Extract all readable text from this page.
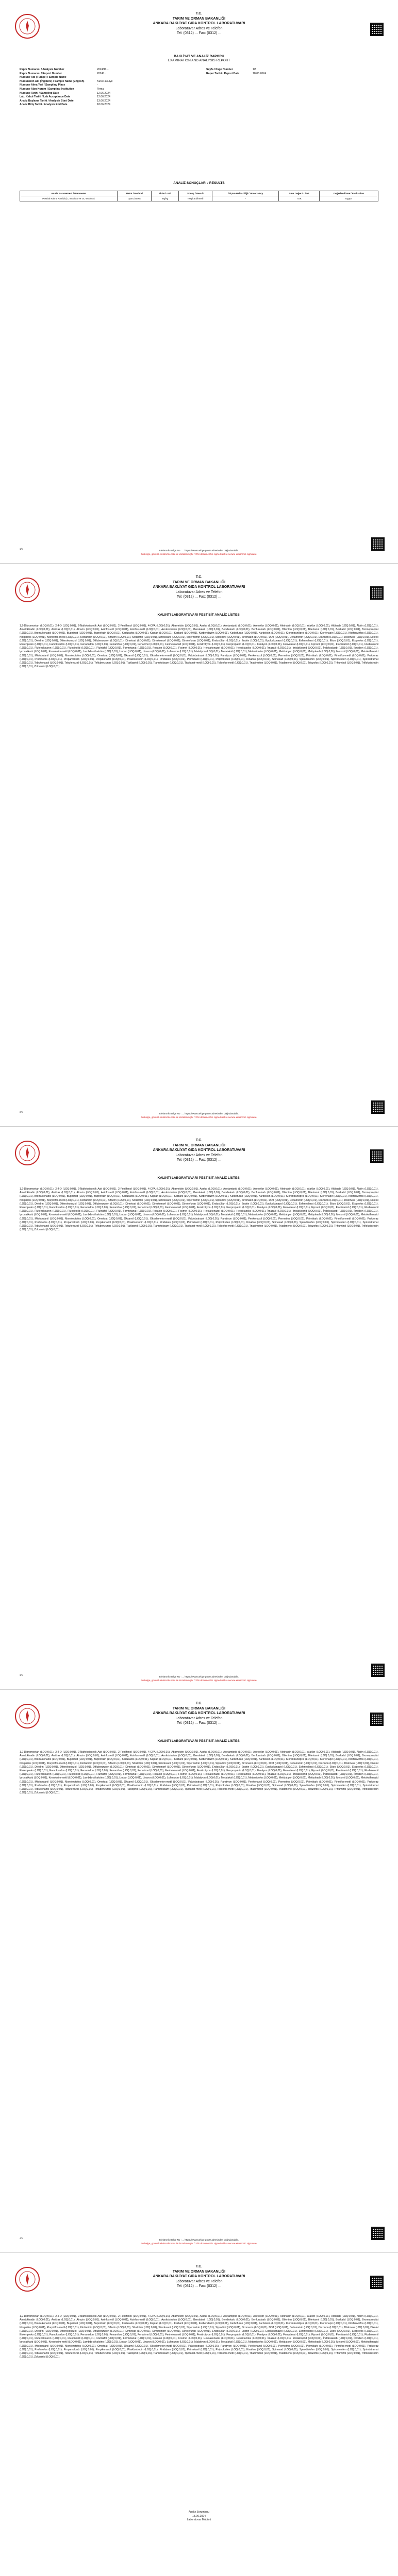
T.C.
TARIM VE ORMAN BAKANLIĞI
ANKARA BAKLİYAT GIDA KONTROL LABORATUVARI
Laboratuvar Adres ve Telefon
Tel: (0312) ... Fax: (0312) ...
BAKLİYAT VE ANALİZ RAPORU
EXAMINATION AND ANALYSIS REPORT
Rapor Numarası / Analysis Number	2024/11...
Rapor Numarası / Report Number	2024/...
Numune Adı (Türkçe) / Sample Name
Numunenin Adı (İngilizce) / Sample Name (English)	Kuru Fasulye
Numune Alma Yeri / Sampling Place	-
Numune Alan Kurum / Sampling Institution	Firma
Numune Tarihi / Sampling Date	12.06.2024
Lab. Kabul Tarihi / Lab Acceptance Date	12.06.2024
Analiz Başlama Tarihi / Analysis Start Date	13.06.2024
Analiz Bitiş Tarihi / Analysis End Date	18.06.2024
Sayfa / Page Number	1/5
Rapor Tarihi / Report Date	18.06.2024
ANALİZ SONUÇLARI / RESULTS
Analiz Parametresi / Parameter	Metot / Method	Birim / Unit	Sonuç / Result	Ölçüm Belirsizliği / Uncertainty	Sınır Değer / Limit	Değerlendirme / Evaluation
Pestisit Kalıntı Analizi (LC-MS/MS ve GC-MS/MS)	QuEChERS	mg/kg	Tespit Edilmedi	-	TGK	Uygun
Elektronik Belge No : ... https://www.turkiye.gov.tr adresinden doğrulanabilir.
Bu belge, güvenli elektronik imza ile imzalanmıştır / This document is signed with a secure electronic signature.
1/5
T.C.
TARIM VE ORMAN BAKANLIĞI
ANKARA BAKLİYAT GIDA KONTROL LABORATUVARI
Laboratuvar Adres ve Telefon
Tel: (0312) ... Fax: (0312) ...
KALINTI LABORATUVARI PESTİSİT ANALİZ LİSTESİ
1,2-Dibromoetan (LOQ:0,01), 2,4-D (LOQ:0,01), 2-Naftoksiasetik Asit (LOQ:0,01), 2-Fenilfenol (LOQ:0,01), 4-CPA (LOQ:0,01), Abamektin (LOQ:0,01), Asefat (LOQ:0,01), Asetamiprid (LOQ:0,01), Asetoklor (LOQ:0,01), Akrinatrin (LOQ:0,01), Alaklor (LOQ:0,01), Aldikarb (LOQ:0,01), Aldrin (LOQ:0,01), Ametoktradin (LOQ:0,01), Amitraz (LOQ:0,01), Atrazin (LOQ:0,01), Azinfos-etil (LOQ:0,01), Azinfos-metil (LOQ:0,01), Azoksistrobin (LOQ:0,01), Benalaksil (LOQ:0,01), Bendiokarb (LOQ:0,01), Benfurakarb (LOQ:0,01), Bifentrin (LOQ:0,01), Bitertanol (LOQ:0,01), Boskalid (LOQ:0,01), Bromopropilat (LOQ:0,01), Bromukonazol (LOQ:0,01), Bupirimat (LOQ:0,01), Buprofezin (LOQ:0,01), Kadusafos (LOQ:0,01), Kaptan (LOQ:0,01), Karbaril (LOQ:0,01), Karbendazim (LOQ:0,01), Karbofuran (LOQ:0,01), Karboksin (LOQ:0,01), Klorantraniliprol (LOQ:0,01), Klorfenapir (LOQ:0,01), Klorfenvinfos (LOQ:0,01), Klorpirifos (LOQ:0,01), Klorpirifos-metil (LOQ:0,01), Klotianidin (LOQ:0,01), Siflutrin (LOQ:0,01), Sihalotrin (LOQ:0,01), Simoksanil (LOQ:0,01), Sipermetrin (LOQ:0,01), Siprodinil (LOQ:0,01), Siromazin (LOQ:0,01), DDT (LOQ:0,01), Deltametrin (LOQ:0,01), Diazinon (LOQ:0,01), Diklorvos (LOQ:0,01), Dikofol (LOQ:0,01), Dieldrin (LOQ:0,01), Difenokonazol (LOQ:0,01), Diflubenzuron (LOQ:0,01), Dimetoat (LOQ:0,01), Dimetomorf (LOQ:0,01), Dinotefuran (LOQ:0,01), Endosülfan (LOQ:0,01), Endrin (LOQ:0,01), Epoksikonazol (LOQ:0,01), Esfenvalerat (LOQ:0,01), Etion (LOQ:0,01), Etoprofos (LOQ:0,01), Etofenproks (LOQ:0,01), Famoksadon (LOQ:0,01), Fenamidon (LOQ:0,01), Fenamifos (LOQ:0,01), Fenarimol (LOQ:0,01), Fenheksamid (LOQ:0,01), Fenitrotiyon (LOQ:0,01), Fenpropatrin (LOQ:0,01), Fentiyon (LOQ:0,01), Fenvalerat (LOQ:0,01), Fipronil (LOQ:0,01), Flonikamid (LOQ:0,01), Fludioksonil (LOQ:0,01), Flufenoksuron (LOQ:0,01), Fluopikolid (LOQ:0,01), Flutriafol (LOQ:0,01), Formetanat (LOQ:0,01), Fosalon (LOQ:0,01), Fosmet (LOQ:0,01), Heksakonazol (LOQ:0,01), Heksitiazoks (LOQ:0,01), İmazalil (LOQ:0,01), İmidakloprid (LOQ:0,01), İndoksakarb (LOQ:0,01), İprodion (LOQ:0,01), İprovalikarb (LOQ:0,01), Kresoksim-metil (LOQ:0,01), Lambda-sihalotrin (LOQ:0,01), Lindan (LOQ:0,01), Linuron (LOQ:0,01), Lufenuron (LOQ:0,01), Malatiyon (LOQ:0,01), Metalaksil (LOQ:0,01), Metamidofos (LOQ:0,01), Metidatiyon (LOQ:0,01), Metiyokarb (LOQ:0,01), Metomil (LOQ:0,01), Metoksifenozid (LOQ:0,01), Miklobutanil (LOQ:0,01), Monokrotofos (LOQ:0,01), Ometoat (LOQ:0,01), Oksamil (LOQ:0,01), Oksidemeton-metil (LOQ:0,01), Paklobutrazol (LOQ:0,01), Paratiyon (LOQ:0,01), Penkonazol (LOQ:0,01), Permetrin (LOQ:0,01), Pirimikarb (LOQ:0,01), Pirimifos-metil (LOQ:0,01), Prokloraz (LOQ:0,01), Profenofos (LOQ:0,01), Propamokarb (LOQ:0,01), Propikonazol (LOQ:0,01), Piraklostrobin (LOQ:0,01), Piridaben (LOQ:0,01), Pirimetanil (LOQ:0,01), Piriproksifen (LOQ:0,01), Kinalfos (LOQ:0,01), Spinosad (LOQ:0,01), Spirodiklofen (LOQ:0,01), Spiromesifen (LOQ:0,01), Spirotetramat (LOQ:0,01), Tebukonazol (LOQ:0,01), Tebufenozid (LOQ:0,01), Teflubenzuron (LOQ:0,01), Tiakloprid (LOQ:0,01), Tiametoksam (LOQ:0,01), Tiyofanat-metil (LOQ:0,01), Tolklofos-metil (LOQ:0,01), Triadimefon (LOQ:0,01), Triadimenol (LOQ:0,01), Triazofos (LOQ:0,01), Triflumizol (LOQ:0,01), Trifloksistrobin (LOQ:0,01), Zoksamid (LOQ:0,01).
Elektronik Belge No : ... https://www.turkiye.gov.tr adresinden doğrulanabilir.
Bu belge, güvenli elektronik imza ile imzalanmıştır / This document is signed with a secure electronic signature.
2/5
T.C.
TARIM VE ORMAN BAKANLIĞI
ANKARA BAKLİYAT GIDA KONTROL LABORATUVARI
Laboratuvar Adres ve Telefon
Tel: (0312) ... Fax: (0312) ...
KALINTI LABORATUVARI PESTİSİT ANALİZ LİSTESİ
1,2-Dibromoetan (LOQ:0,01), 2,4-D (LOQ:0,01), 2-Naftoksiasetik Asit (LOQ:0,01), 2-Fenilfenol (LOQ:0,01), 4-CPA (LOQ:0,01), Abamektin (LOQ:0,01), Asefat (LOQ:0,01), Asetamiprid (LOQ:0,01), Asetoklor (LOQ:0,01), Akrinatrin (LOQ:0,01), Alaklor (LOQ:0,01), Aldikarb (LOQ:0,01), Aldrin (LOQ:0,01), Ametoktradin (LOQ:0,01), Amitraz (LOQ:0,01), Atrazin (LOQ:0,01), Azinfos-etil (LOQ:0,01), Azinfos-metil (LOQ:0,01), Azoksistrobin (LOQ:0,01), Benalaksil (LOQ:0,01), Bendiokarb (LOQ:0,01), Benfurakarb (LOQ:0,01), Bifentrin (LOQ:0,01), Bitertanol (LOQ:0,01), Boskalid (LOQ:0,01), Bromopropilat (LOQ:0,01), Bromukonazol (LOQ:0,01), Bupirimat (LOQ:0,01), Buprofezin (LOQ:0,01), Kadusafos (LOQ:0,01), Kaptan (LOQ:0,01), Karbaril (LOQ:0,01), Karbendazim (LOQ:0,01), Karbofuran (LOQ:0,01), Karboksin (LOQ:0,01), Klorantraniliprol (LOQ:0,01), Klorfenapir (LOQ:0,01), Klorfenvinfos (LOQ:0,01), Klorpirifos (LOQ:0,01), Klorpirifos-metil (LOQ:0,01), Klotianidin (LOQ:0,01), Siflutrin (LOQ:0,01), Sihalotrin (LOQ:0,01), Simoksanil (LOQ:0,01), Sipermetrin (LOQ:0,01), Siprodinil (LOQ:0,01), Siromazin (LOQ:0,01), DDT (LOQ:0,01), Deltametrin (LOQ:0,01), Diazinon (LOQ:0,01), Diklorvos (LOQ:0,01), Dikofol (LOQ:0,01), Dieldrin (LOQ:0,01), Difenokonazol (LOQ:0,01), Diflubenzuron (LOQ:0,01), Dimetoat (LOQ:0,01), Dimetomorf (LOQ:0,01), Dinotefuran (LOQ:0,01), Endosülfan (LOQ:0,01), Endrin (LOQ:0,01), Epoksikonazol (LOQ:0,01), Esfenvalerat (LOQ:0,01), Etion (LOQ:0,01), Etoprofos (LOQ:0,01), Etofenproks (LOQ:0,01), Famoksadon (LOQ:0,01), Fenamidon (LOQ:0,01), Fenamifos (LOQ:0,01), Fenarimol (LOQ:0,01), Fenheksamid (LOQ:0,01), Fenitrotiyon (LOQ:0,01), Fenpropatrin (LOQ:0,01), Fentiyon (LOQ:0,01), Fenvalerat (LOQ:0,01), Fipronil (LOQ:0,01), Flonikamid (LOQ:0,01), Fludioksonil (LOQ:0,01), Flufenoksuron (LOQ:0,01), Fluopikolid (LOQ:0,01), Flutriafol (LOQ:0,01), Formetanat (LOQ:0,01), Fosalon (LOQ:0,01), Fosmet (LOQ:0,01), Heksakonazol (LOQ:0,01), Heksitiazoks (LOQ:0,01), İmazalil (LOQ:0,01), İmidakloprid (LOQ:0,01), İndoksakarb (LOQ:0,01), İprodion (LOQ:0,01), İprovalikarb (LOQ:0,01), Kresoksim-metil (LOQ:0,01), Lambda-sihalotrin (LOQ:0,01), Lindan (LOQ:0,01), Linuron (LOQ:0,01), Lufenuron (LOQ:0,01), Malatiyon (LOQ:0,01), Metalaksil (LOQ:0,01), Metamidofos (LOQ:0,01), Metidatiyon (LOQ:0,01), Metiyokarb (LOQ:0,01), Metomil (LOQ:0,01), Metoksifenozid (LOQ:0,01), Miklobutanil (LOQ:0,01), Monokrotofos (LOQ:0,01), Ometoat (LOQ:0,01), Oksamil (LOQ:0,01), Oksidemeton-metil (LOQ:0,01), Paklobutrazol (LOQ:0,01), Paratiyon (LOQ:0,01), Penkonazol (LOQ:0,01), Permetrin (LOQ:0,01), Pirimikarb (LOQ:0,01), Pirimifos-metil (LOQ:0,01), Prokloraz (LOQ:0,01), Profenofos (LOQ:0,01), Propamokarb (LOQ:0,01), Propikonazol (LOQ:0,01), Piraklostrobin (LOQ:0,01), Piridaben (LOQ:0,01), Pirimetanil (LOQ:0,01), Piriproksifen (LOQ:0,01), Kinalfos (LOQ:0,01), Spinosad (LOQ:0,01), Spirodiklofen (LOQ:0,01), Spiromesifen (LOQ:0,01), Spirotetramat (LOQ:0,01), Tebukonazol (LOQ:0,01), Tebufenozid (LOQ:0,01), Teflubenzuron (LOQ:0,01), Tiakloprid (LOQ:0,01), Tiametoksam (LOQ:0,01), Tiyofanat-metil (LOQ:0,01), Tolklofos-metil (LOQ:0,01), Triadimefon (LOQ:0,01), Triadimenol (LOQ:0,01), Triazofos (LOQ:0,01), Triflumizol (LOQ:0,01), Trifloksistrobin (LOQ:0,01), Zoksamid (LOQ:0,01).
Elektronik Belge No : ... https://www.turkiye.gov.tr adresinden doğrulanabilir.
Bu belge, güvenli elektronik imza ile imzalanmıştır / This document is signed with a secure electronic signature.
3/5
T.C.
TARIM VE ORMAN BAKANLIĞI
ANKARA BAKLİYAT GIDA KONTROL LABORATUVARI
Laboratuvar Adres ve Telefon
Tel: (0312) ... Fax: (0312) ...
KALINTI LABORATUVARI PESTİSİT ANALİZ LİSTESİ
1,2-Dibromoetan (LOQ:0,01), 2,4-D (LOQ:0,01), 2-Naftoksiasetik Asit (LOQ:0,01), 2-Fenilfenol (LOQ:0,01), 4-CPA (LOQ:0,01), Abamektin (LOQ:0,01), Asefat (LOQ:0,01), Asetamiprid (LOQ:0,01), Asetoklor (LOQ:0,01), Akrinatrin (LOQ:0,01), Alaklor (LOQ:0,01), Aldikarb (LOQ:0,01), Aldrin (LOQ:0,01), Ametoktradin (LOQ:0,01), Amitraz (LOQ:0,01), Atrazin (LOQ:0,01), Azinfos-etil (LOQ:0,01), Azinfos-metil (LOQ:0,01), Azoksistrobin (LOQ:0,01), Benalaksil (LOQ:0,01), Bendiokarb (LOQ:0,01), Benfurakarb (LOQ:0,01), Bifentrin (LOQ:0,01), Bitertanol (LOQ:0,01), Boskalid (LOQ:0,01), Bromopropilat (LOQ:0,01), Bromukonazol (LOQ:0,01), Bupirimat (LOQ:0,01), Buprofezin (LOQ:0,01), Kadusafos (LOQ:0,01), Kaptan (LOQ:0,01), Karbaril (LOQ:0,01), Karbendazim (LOQ:0,01), Karbofuran (LOQ:0,01), Karboksin (LOQ:0,01), Klorantraniliprol (LOQ:0,01), Klorfenapir (LOQ:0,01), Klorfenvinfos (LOQ:0,01), Klorpirifos (LOQ:0,01), Klorpirifos-metil (LOQ:0,01), Klotianidin (LOQ:0,01), Siflutrin (LOQ:0,01), Sihalotrin (LOQ:0,01), Simoksanil (LOQ:0,01), Sipermetrin (LOQ:0,01), Siprodinil (LOQ:0,01), Siromazin (LOQ:0,01), DDT (LOQ:0,01), Deltametrin (LOQ:0,01), Diazinon (LOQ:0,01), Diklorvos (LOQ:0,01), Dikofol (LOQ:0,01), Dieldrin (LOQ:0,01), Difenokonazol (LOQ:0,01), Diflubenzuron (LOQ:0,01), Dimetoat (LOQ:0,01), Dimetomorf (LOQ:0,01), Dinotefuran (LOQ:0,01), Endosülfan (LOQ:0,01), Endrin (LOQ:0,01), Epoksikonazol (LOQ:0,01), Esfenvalerat (LOQ:0,01), Etion (LOQ:0,01), Etoprofos (LOQ:0,01), Etofenproks (LOQ:0,01), Famoksadon (LOQ:0,01), Fenamidon (LOQ:0,01), Fenamifos (LOQ:0,01), Fenarimol (LOQ:0,01), Fenheksamid (LOQ:0,01), Fenitrotiyon (LOQ:0,01), Fenpropatrin (LOQ:0,01), Fentiyon (LOQ:0,01), Fenvalerat (LOQ:0,01), Fipronil (LOQ:0,01), Flonikamid (LOQ:0,01), Fludioksonil (LOQ:0,01), Flufenoksuron (LOQ:0,01), Fluopikolid (LOQ:0,01), Flutriafol (LOQ:0,01), Formetanat (LOQ:0,01), Fosalon (LOQ:0,01), Fosmet (LOQ:0,01), Heksakonazol (LOQ:0,01), Heksitiazoks (LOQ:0,01), İmazalil (LOQ:0,01), İmidakloprid (LOQ:0,01), İndoksakarb (LOQ:0,01), İprodion (LOQ:0,01), İprovalikarb (LOQ:0,01), Kresoksim-metil (LOQ:0,01), Lambda-sihalotrin (LOQ:0,01), Lindan (LOQ:0,01), Linuron (LOQ:0,01), Lufenuron (LOQ:0,01), Malatiyon (LOQ:0,01), Metalaksil (LOQ:0,01), Metamidofos (LOQ:0,01), Metidatiyon (LOQ:0,01), Metiyokarb (LOQ:0,01), Metomil (LOQ:0,01), Metoksifenozid (LOQ:0,01), Miklobutanil (LOQ:0,01), Monokrotofos (LOQ:0,01), Ometoat (LOQ:0,01), Oksamil (LOQ:0,01), Oksidemeton-metil (LOQ:0,01), Paklobutrazol (LOQ:0,01), Paratiyon (LOQ:0,01), Penkonazol (LOQ:0,01), Permetrin (LOQ:0,01), Pirimikarb (LOQ:0,01), Pirimifos-metil (LOQ:0,01), Prokloraz (LOQ:0,01), Profenofos (LOQ:0,01), Propamokarb (LOQ:0,01), Propikonazol (LOQ:0,01), Piraklostrobin (LOQ:0,01), Piridaben (LOQ:0,01), Pirimetanil (LOQ:0,01), Piriproksifen (LOQ:0,01), Kinalfos (LOQ:0,01), Spinosad (LOQ:0,01), Spirodiklofen (LOQ:0,01), Spiromesifen (LOQ:0,01), Spirotetramat (LOQ:0,01), Tebukonazol (LOQ:0,01), Tebufenozid (LOQ:0,01), Teflubenzuron (LOQ:0,01), Tiakloprid (LOQ:0,01), Tiametoksam (LOQ:0,01), Tiyofanat-metil (LOQ:0,01), Tolklofos-metil (LOQ:0,01), Triadimefon (LOQ:0,01), Triadimenol (LOQ:0,01), Triazofos (LOQ:0,01), Triflumizol (LOQ:0,01), Trifloksistrobin (LOQ:0,01), Zoksamid (LOQ:0,01).
Elektronik Belge No : ... https://www.turkiye.gov.tr adresinden doğrulanabilir.
Bu belge, güvenli elektronik imza ile imzalanmıştır / This document is signed with a secure electronic signature.
4/5
T.C.
TARIM VE ORMAN BAKANLIĞI
ANKARA BAKLİYAT GIDA KONTROL LABORATUVARI
Laboratuvar Adres ve Telefon
Tel: (0312) ... Fax: (0312) ...
1,2-Dibromoetan (LOQ:0,01), 2,4-D (LOQ:0,01), 2-Naftoksiasetik Asit (LOQ:0,01), 2-Fenilfenol (LOQ:0,01), 4-CPA (LOQ:0,01), Abamektin (LOQ:0,01), Asefat (LOQ:0,01), Asetamiprid (LOQ:0,01), Asetoklor (LOQ:0,01), Akrinatrin (LOQ:0,01), Alaklor (LOQ:0,01), Aldikarb (LOQ:0,01), Aldrin (LOQ:0,01), Ametoktradin (LOQ:0,01), Amitraz (LOQ:0,01), Atrazin (LOQ:0,01), Azinfos-etil (LOQ:0,01), Azinfos-metil (LOQ:0,01), Azoksistrobin (LOQ:0,01), Benalaksil (LOQ:0,01), Bendiokarb (LOQ:0,01), Benfurakarb (LOQ:0,01), Bifentrin (LOQ:0,01), Bitertanol (LOQ:0,01), Boskalid (LOQ:0,01), Bromopropilat (LOQ:0,01), Bromukonazol (LOQ:0,01), Bupirimat (LOQ:0,01), Buprofezin (LOQ:0,01), Kadusafos (LOQ:0,01), Kaptan (LOQ:0,01), Karbaril (LOQ:0,01), Karbendazim (LOQ:0,01), Karbofuran (LOQ:0,01), Karboksin (LOQ:0,01), Klorantraniliprol (LOQ:0,01), Klorfenapir (LOQ:0,01), Klorfenvinfos (LOQ:0,01), Klorpirifos (LOQ:0,01), Klorpirifos-metil (LOQ:0,01), Klotianidin (LOQ:0,01), Siflutrin (LOQ:0,01), Sihalotrin (LOQ:0,01), Simoksanil (LOQ:0,01), Sipermetrin (LOQ:0,01), Siprodinil (LOQ:0,01), Siromazin (LOQ:0,01), DDT (LOQ:0,01), Deltametrin (LOQ:0,01), Diazinon (LOQ:0,01), Diklorvos (LOQ:0,01), Dikofol (LOQ:0,01), Dieldrin (LOQ:0,01), Difenokonazol (LOQ:0,01), Diflubenzuron (LOQ:0,01), Dimetoat (LOQ:0,01), Dimetomorf (LOQ:0,01), Dinotefuran (LOQ:0,01), Endosülfan (LOQ:0,01), Endrin (LOQ:0,01), Epoksikonazol (LOQ:0,01), Esfenvalerat (LOQ:0,01), Etion (LOQ:0,01), Etoprofos (LOQ:0,01), Etofenproks (LOQ:0,01), Famoksadon (LOQ:0,01), Fenamidon (LOQ:0,01), Fenamifos (LOQ:0,01), Fenarimol (LOQ:0,01), Fenheksamid (LOQ:0,01), Fenitrotiyon (LOQ:0,01), Fenpropatrin (LOQ:0,01), Fentiyon (LOQ:0,01), Fenvalerat (LOQ:0,01), Fipronil (LOQ:0,01), Flonikamid (LOQ:0,01), Fludioksonil (LOQ:0,01), Flufenoksuron (LOQ:0,01), Fluopikolid (LOQ:0,01), Flutriafol (LOQ:0,01), Formetanat (LOQ:0,01), Fosalon (LOQ:0,01), Fosmet (LOQ:0,01), Heksakonazol (LOQ:0,01), Heksitiazoks (LOQ:0,01), İmazalil (LOQ:0,01), İmidakloprid (LOQ:0,01), İndoksakarb (LOQ:0,01), İprodion (LOQ:0,01), İprovalikarb (LOQ:0,01), Kresoksim-metil (LOQ:0,01), Lambda-sihalotrin (LOQ:0,01), Lindan (LOQ:0,01), Linuron (LOQ:0,01), Lufenuron (LOQ:0,01), Malatiyon (LOQ:0,01), Metalaksil (LOQ:0,01), Metamidofos (LOQ:0,01), Metidatiyon (LOQ:0,01), Metiyokarb (LOQ:0,01), Metomil (LOQ:0,01), Metoksifenozid (LOQ:0,01), Miklobutanil (LOQ:0,01), Monokrotofos (LOQ:0,01), Ometoat (LOQ:0,01), Oksamil (LOQ:0,01), Oksidemeton-metil (LOQ:0,01), Paklobutrazol (LOQ:0,01), Paratiyon (LOQ:0,01), Penkonazol (LOQ:0,01), Permetrin (LOQ:0,01), Pirimikarb (LOQ:0,01), Pirimifos-metil (LOQ:0,01), Prokloraz (LOQ:0,01), Profenofos (LOQ:0,01), Propamokarb (LOQ:0,01), Propikonazol (LOQ:0,01), Piraklostrobin (LOQ:0,01), Piridaben (LOQ:0,01), Pirimetanil (LOQ:0,01), Piriproksifen (LOQ:0,01), Kinalfos (LOQ:0,01), Spinosad (LOQ:0,01), Spirodiklofen (LOQ:0,01), Spiromesifen (LOQ:0,01), Spirotetramat (LOQ:0,01), Tebukonazol (LOQ:0,01), Tebufenozid (LOQ:0,01), Teflubenzuron (LOQ:0,01), Tiakloprid (LOQ:0,01), Tiametoksam (LOQ:0,01), Tiyofanat-metil (LOQ:0,01), Tolklofos-metil (LOQ:0,01), Triadimefon (LOQ:0,01), Triadimenol (LOQ:0,01), Triazofos (LOQ:0,01), Triflumizol (LOQ:0,01), Trifloksistrobin (LOQ:0,01), Zoksamid (LOQ:0,01).
Analiz Sorumlusu
18.06.2024
Laboratuvar Müdürü
